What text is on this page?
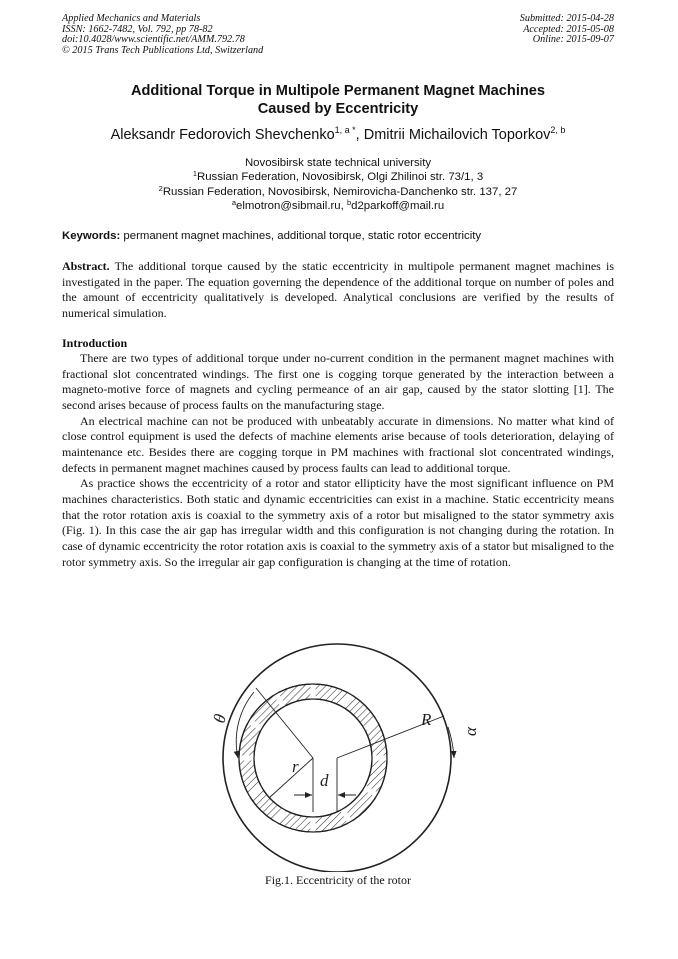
Applied Mechanics and Materials
ISSN: 1662-7482, Vol. 792, pp 78-82
doi:10.4028/www.scientific.net/AMM.792.78
© 2015 Trans Tech Publications Ltd, Switzerland
Submitted: 2015-04-28
Accepted: 2015-05-08
Online: 2015-09-07
Additional Torque in Multipole Permanent Magnet Machines
Caused by Eccentricity
Aleksandr Fedorovich Shevchenko$^{1, a *}$, Dmitrii Michailovich Toporkov$^{2, b}$
Novosibirsk state technical university
$^1$Russian Federation, Novosibirsk, Olgi Zhilinoi str. 73/1, 3
$^2$Russian Federation, Novosibirsk, Nemirovicha-Danchenko str. 137, 27
$^a$elmotron@sibmail.ru, $^b$d2parkoff@mail.ru
Keywords: permanent magnet machines, additional torque, static rotor eccentricity
Abstract. The additional torque caused by the static eccentricity in multipole permanent magnet machines is investigated in the paper. The equation governing the dependence of the additional torque on number of poles and the amount of eccentricity qualitatively is developed. Analytical conclusions are verified by the results of numerical simulation.
Introduction

There are two types of additional torque under no-current condition in the permanent magnet machines with fractional slot concentrated windings. The first one is cogging torque generated by the interaction between a magneto-motive force of magnets and cycling permeance of an air gap, caused by the stator slotting [1]. The second arises because of process faults on the manufacturing stage.

An electrical machine can not be produced with unbeatably accurate in dimensions. No matter what kind of close control equipment is used the defects of machine elements arise because of tools deterioration, delaying of maintenance etc. Besides there are cogging torque in PM machines with fractional slot concentrated windings, defects in permanent magnet machines caused by process faults can lead to additional torque.

As practice shows the eccentricity of a rotor and stator ellipticity have the most significant influence on PM machines characteristics. Both static and dynamic eccentricities can exist in a machine. Static eccentricity means that the rotor rotation axis is coaxial to the symmetry axis of a rotor but misaligned to the stator symmetry axis (Fig. 1). In this case the air gap has irregular width and this configuration is not changing during the rotation. In case of dynamic eccentricity the rotor rotation axis is coaxial to the symmetry axis of a stator but misaligned to the rotor symmetry axis. So the irregular air gap configuration is changing at the time of rotation.

θ	R
α
r
d
Fig.1. Eccentricity of the rotor
